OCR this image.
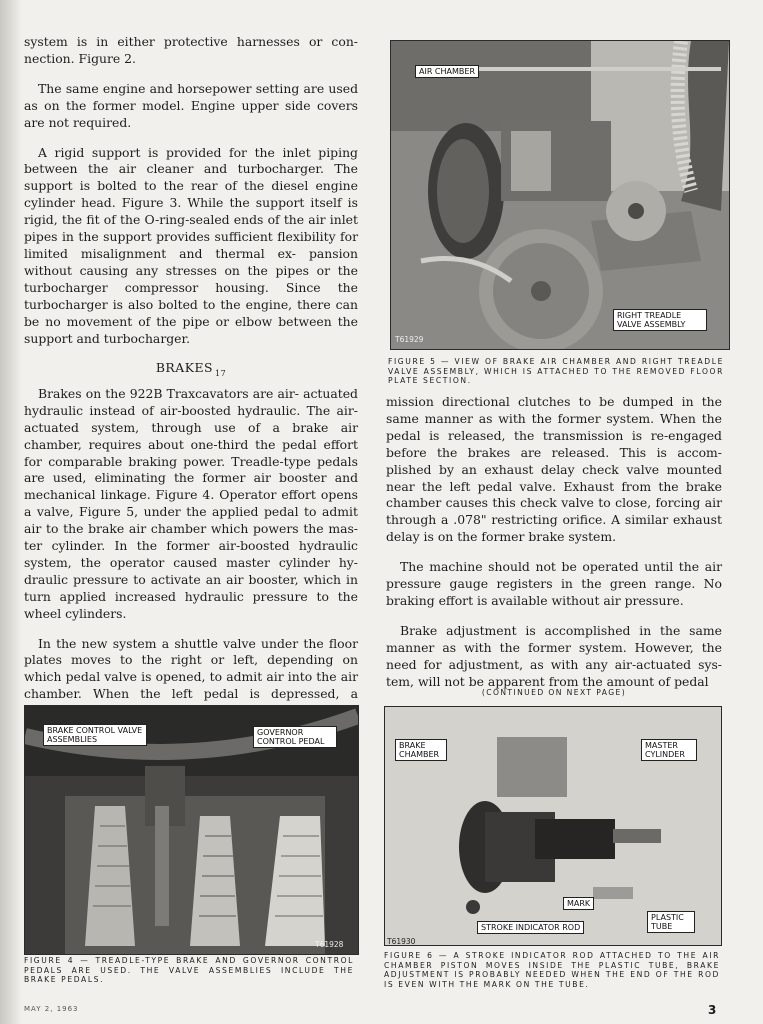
system is in either protective harnesses or con- nection. Figure 2.

The same engine and horsepower setting are used as on the former model. Engine upper side covers are not required.

A rigid support is provided for the inlet piping between the air cleaner and turbocharger. The support is bolted to the rear of the diesel engine cylinder head. Figure 3. While the support itself is rigid, the fit of the O-ring-sealed ends of the air inlet pipes in the support provides sufficient flexibility for limited misalignment and thermal ex- pansion without causing any stresses on the pipes or the turbocharger compressor housing. Since the turbocharger is also bolted to the engine, there can be no movement of the pipe or elbow between the support and turbocharger.

BRAKES $_{17}$

Brakes on the 922B Traxcavators are air- actuated hydraulic instead of air-boosted hydraulic. The air-actuated system, through use of a brake air chamber, requires about one-third the pedal effort for comparable braking power. Treadle-type pedals are used, eliminating the former air booster and mechanical linkage. Figure 4. Operator effort opens a valve, Figure 5, under the applied pedal to admit air to the brake air chamber which powers the mas- ter cylinder. In the former air-boosted hydraulic system, the operator caused master cylinder hy- draulic pressure to activate an air booster, which in turn applied increased hydraulic pressure to the wheel cylinders.

In the new system a shuttle valve under the floor plates moves to the right or left, depending on which pedal valve is opened, to admit air into the air chamber. When the left pedal is depressed, a

AIR CHAMBER
RIGHT TREADLE VALVE ASSEMBLY
T61929
FIGURE 5 — VIEW OF BRAKE AIR CHAMBER AND RIGHT TREADLE VALVE ASSEMBLY, WHICH IS ATTACHED TO THE REMOVED FLOOR PLATE SECTION.

mission directional clutches to be dumped in the same manner as with the former system. When the pedal is released, the transmission is re-engaged before the brakes are released. This is accom- plished by an exhaust delay check valve mounted near the left pedal valve. Exhaust from the brake chamber causes this check valve to close, forcing air through a .078" restricting orifice. A similar exhaust delay is on the former brake system.

The machine should not be operated until the air pressure gauge registers in the green range. No braking effort is available without air pressure.

Brake adjustment is accomplished in the same manner as with the former system. However, the need for adjustment, as with any air-actuated sys- tem, will not be apparent from the amount of pedal

(CONTINUED ON NEXT PAGE)
BRAKE CONTROL VALVE ASSEMBLIES
GOVERNOR CONTROL PEDAL
T61928
FIGURE 4 — TREADLE-TYPE BRAKE AND GOVERNOR CONTROL PEDALS ARE USED. THE VALVE ASSEMBLIES INCLUDE THE BRAKE PEDALS.
BRAKE CHAMBER
MASTER CYLINDER
MARK
STROKE INDICATOR ROD
PLASTIC TUBE
T61930
FIGURE 6 — A STROKE INDICATOR ROD ATTACHED TO THE AIR CHAMBER PISTON MOVES INSIDE THE PLASTIC TUBE, BRAKE ADJUSTMENT IS PROBABLY NEEDED WHEN THE END OF THE ROD IS EVEN WITH THE MARK ON THE TUBE.
MAY 2, 1963	3
